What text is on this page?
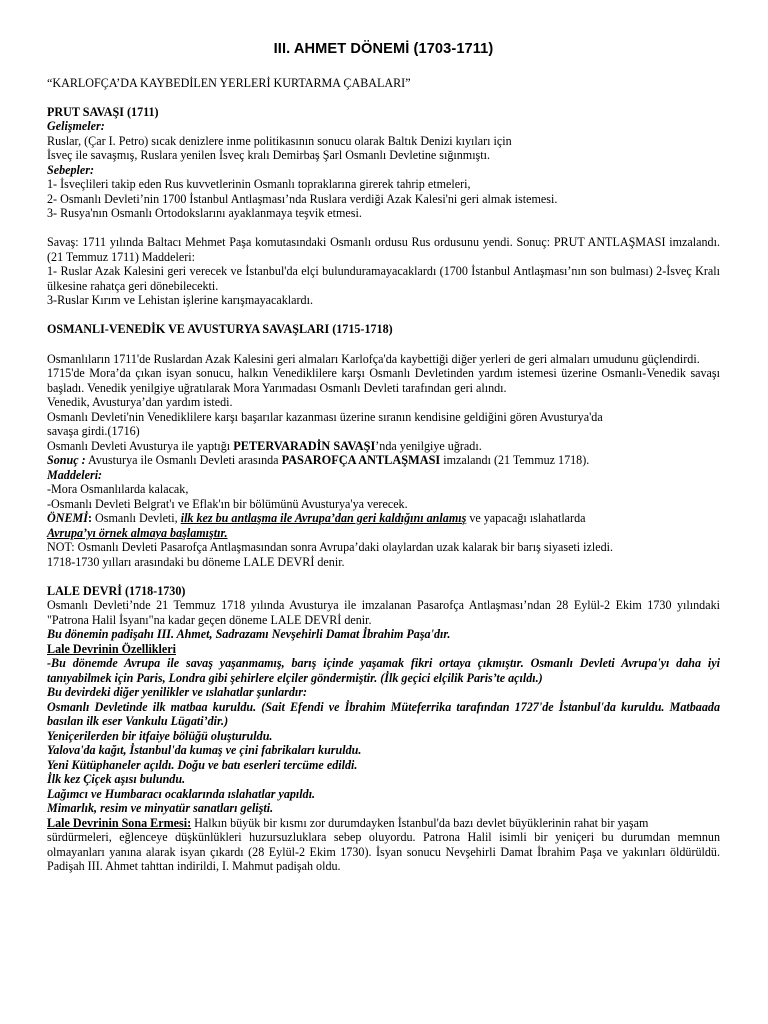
III. AHMET DÖNEMİ (1703-1711)

“KARLOFÇA’DA KAYBEDİLEN YERLERİ KURTARMA ÇABALARI”

PRUT SAVAŞI (1711)

Gelişmeler:

Ruslar, (Çar I. Petro) sıcak denizlere inme politikasının sonucu olarak Baltık Denizi kıyıları için

İsveç ile savaşmış, Ruslara yenilen İsveç kralı Demirbaş Şarl Osmanlı Devletine sığınmıştı.

Sebepler:

1- İsveçlileri takip eden Rus kuvvetlerinin Osmanlı topraklarına girerek tahrip etmeleri,

2- Osmanlı Devleti’nin 1700 İstanbul Antlaşması’nda Ruslara verdiği Azak Kalesi'ni geri almak istemesi.

3- Rusya'nın Osmanlı Ortodokslarını ayaklanmaya teşvik etmesi.

Savaş: 1711 yılında Baltacı Mehmet Paşa komutasındaki Osmanlı ordusu Rus ordusunu yendi. Sonuç: PRUT ANTLAŞMASI imzalandı.(21 Temmuz 1711) Maddeleri:

1- Ruslar Azak Kalesini geri verecek ve İstanbul'da elçi bulunduramayacaklardı (1700 İstanbul Antlaşması’nın son bulması) 2-İsveç Kralı ülkesine rahatça geri dönebilecekti.

3-Ruslar Kırım ve Lehistan işlerine karışmayacaklardı.

OSMANLI-VENEDİK VE AVUSTURYA SAVAŞLARI (1715-1718)

Osmanlıların 1711'de Ruslardan Azak Kalesini geri almaları Karlofça'da kaybettiği diğer yerleri de geri almaları umudunu güçlendirdi.

1715'de Mora’da çıkan isyan sonucu, halkın Venediklilere karşı Osmanlı Devletinden yardım istemesi üzerine Osmanlı-Venedik savaşı başladı. Venedik yenilgiye uğratılarak Mora Yarımadası Osmanlı Devleti tarafından geri alındı.

Venedik, Avusturya’dan yardım istedi.

Osmanlı Devleti'nin Venediklilere karşı başarılar kazanması üzerine sıranın kendisine geldiğini gören Avusturya'da

savaşa girdi.(1716)

Osmanlı Devleti Avusturya ile yaptığı PETERVARADİN SAVAŞI’nda yenilgiye uğradı.

Sonuç : Avusturya ile Osmanlı Devleti arasında PASAROFÇA ANTLAŞMASI imzalandı (21 Temmuz 1718).

Maddeleri:

-Mora Osmanlılarda kalacak,

-Osmanlı Devleti Belgrat'ı ve Eflak'ın bir bölümünü Avusturya'ya verecek.

ÖNEMİ: Osmanlı Devleti, ilk kez bu antlaşma ile Avrupa’dan geri kaldığını anlamış ve yapacağı ıslahatlarda

Avrupa’yı örnek almaya başlamıştır.

NOT: Osmanlı Devleti Pasarofça Antlaşmasından sonra Avrupa’daki olaylardan uzak kalarak bir barış siyaseti izledi.

1718-1730 yılları arasındaki bu döneme LALE DEVRİ denir.

LALE DEVRİ (1718-1730)

Osmanlı Devleti’nde 21 Temmuz 1718 yılında Avusturya ile imzalanan Pasarofça Antlaşması’ndan 28 Eylül-2 Ekim 1730 yılındaki "Patrona Halil İsyanı"na kadar geçen döneme LALE DEVRİ denir.

Bu dönemin padişahı III. Ahmet, Sadrazamı Nevşehirli Damat İbrahim Paşa'dır.

Lale Devrinin Özellikleri

-Bu dönemde Avrupa ile savaş yaşanmamış, barış içinde yaşamak fikri ortaya çıkmıştır. Osmanlı Devleti Avrupa'yı daha iyi tanıyabilmek için Paris, Londra gibi şehirlere elçiler göndermiştir. (İlk geçici elçilik Paris’te açıldı.)

Bu devirdeki diğer yenilikler ve ıslahatlar şunlardır:

Osmanlı Devletinde ilk matbaa kuruldu. (Sait Efendi ve İbrahim Müteferrika tarafından 1727'de İstanbul'da kuruldu. Matbaada basılan ilk eser Vankulu Lügati’dir.)

Yeniçerilerden bir itfaiye bölüğü oluşturuldu.

Yalova'da kağıt, İstanbul'da kumaş ve çini fabrikaları kuruldu.

Yeni Kütüphaneler açıldı. Doğu ve batı eserleri tercüme edildi.

İlk kez Çiçek aşısı bulundu.

Lağımcı ve Humbaracı ocaklarında ıslahatlar yapıldı.

Mimarlık, resim ve minyatür sanatları gelişti.

Lale Devrinin Sona Ermesi: Halkın büyük bir kısmı zor durumdayken İstanbul'da bazı devlet büyüklerinin rahat bir yaşam

sürdürmeleri, eğlenceye düşkünlükleri huzursuzluklara sebep oluyordu. Patrona Halil isimli bir yeniçeri bu durumdan memnun olmayanları yanına alarak isyan çıkardı (28 Eylül-2 Ekim 1730). İsyan sonucu Nevşehirli Damat İbrahim Paşa ve yakınları öldürüldü. Padişah III. Ahmet tahttan indirildi, I. Mahmut padişah oldu.
